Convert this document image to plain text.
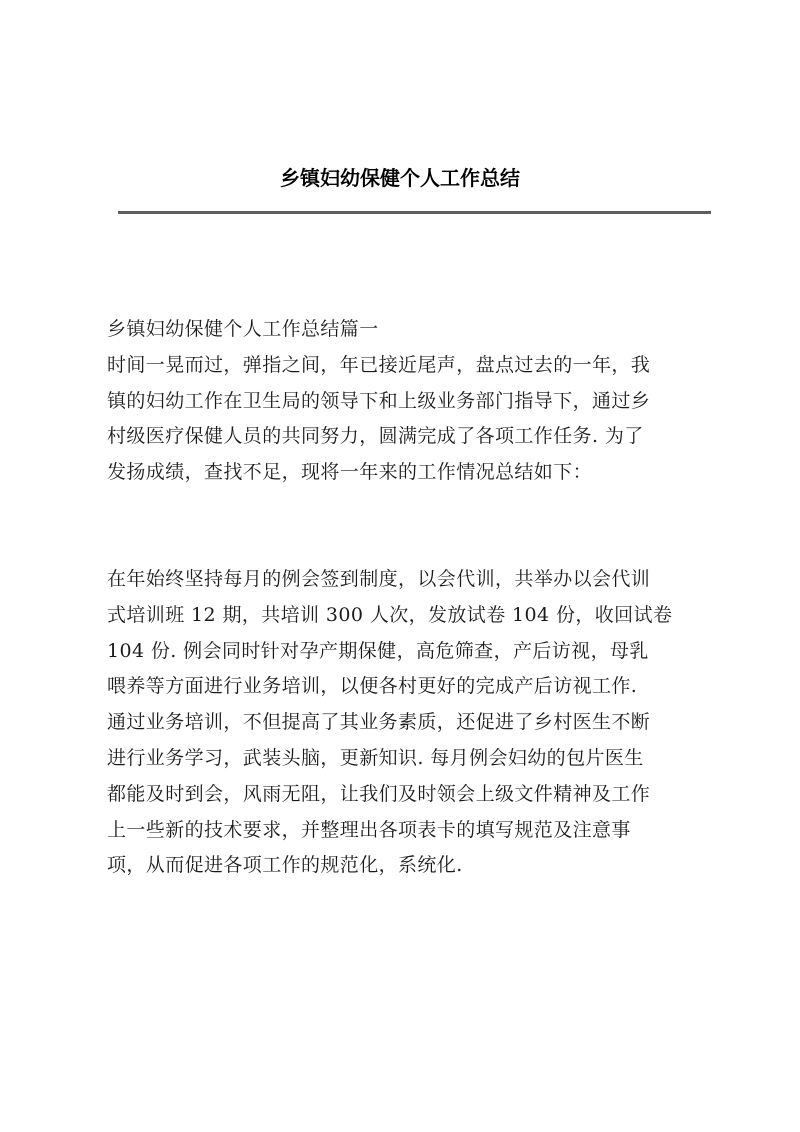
乡镇妇幼保健个人工作总结
乡镇妇幼保健个人工作总结篇一
时间一晃而过，弹指之间，年已接近尾声，盘点过去的一年，我
镇的妇幼工作在卫生局的领导下和上级业务部门指导下，通过乡
村级医疗保健人员的共同努力，圆满完成了各项工作任务. 为了
发扬成绩，查找不足，现将一年来的工作情况总结如下：
在年始终坚持每月的例会签到制度，以会代训，共举办以会代训
式培训班 12 期，共培训 300 人次，发放试卷 104 份，收回试卷
104 份. 例会同时针对孕产期保健，高危筛查，产后访视，母乳
喂养等方面进行业务培训，以便各村更好的完成产后访视工作.
通过业务培训，不但提高了其业务素质，还促进了乡村医生不断
进行业务学习，武装头脑，更新知识. 每月例会妇幼的包片医生
都能及时到会，风雨无阻，让我们及时领会上级文件精神及工作
上一些新的技术要求，并整理出各项表卡的填写规范及注意事
项，从而促进各项工作的规范化，系统化.
